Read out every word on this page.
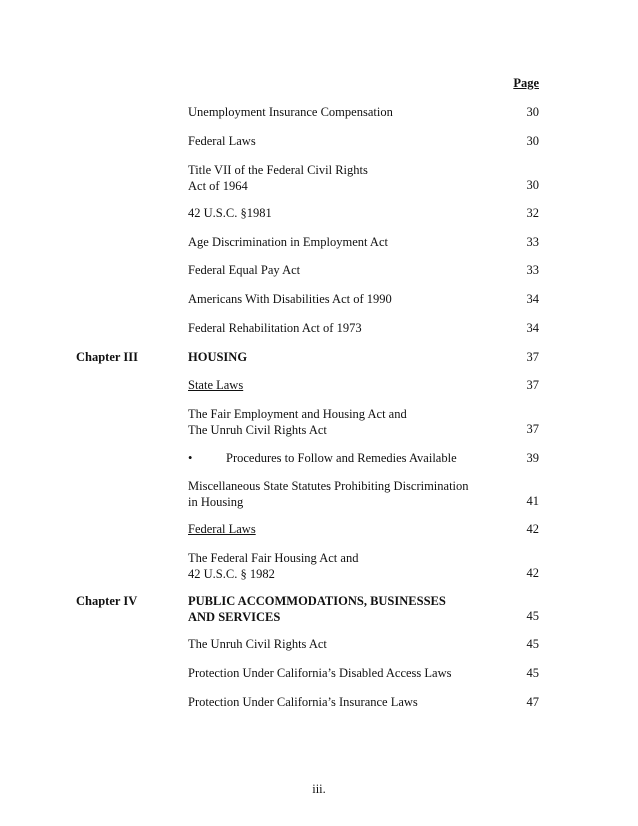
Page
Unemployment Insurance Compensation	30
Federal Laws	30
Title VII of the Federal Civil Rights
Act of 1964	30
42 U.S.C. §1981	32
Age Discrimination in Employment Act	33
Federal Equal Pay Act	33
Americans With Disabilities Act of 1990	34
Federal Rehabilitation Act of 1973	34
Chapter III	HOUSING	37
State Laws	37
The Fair Employment and Housing Act and
The Unruh Civil Rights Act	37
•	Procedures to Follow and Remedies Available	39
Miscellaneous State Statutes Prohibiting Discrimination
in Housing	41
Federal Laws	42
The Federal Fair Housing Act and
42 U.S.C. § 1982	42
Chapter IV	PUBLIC ACCOMMODATIONS, BUSINESSES
AND SERVICES	45
The Unruh Civil Rights Act	45
Protection Under California’s Disabled Access Laws	45
Protection Under California’s Insurance Laws	47
iii.
